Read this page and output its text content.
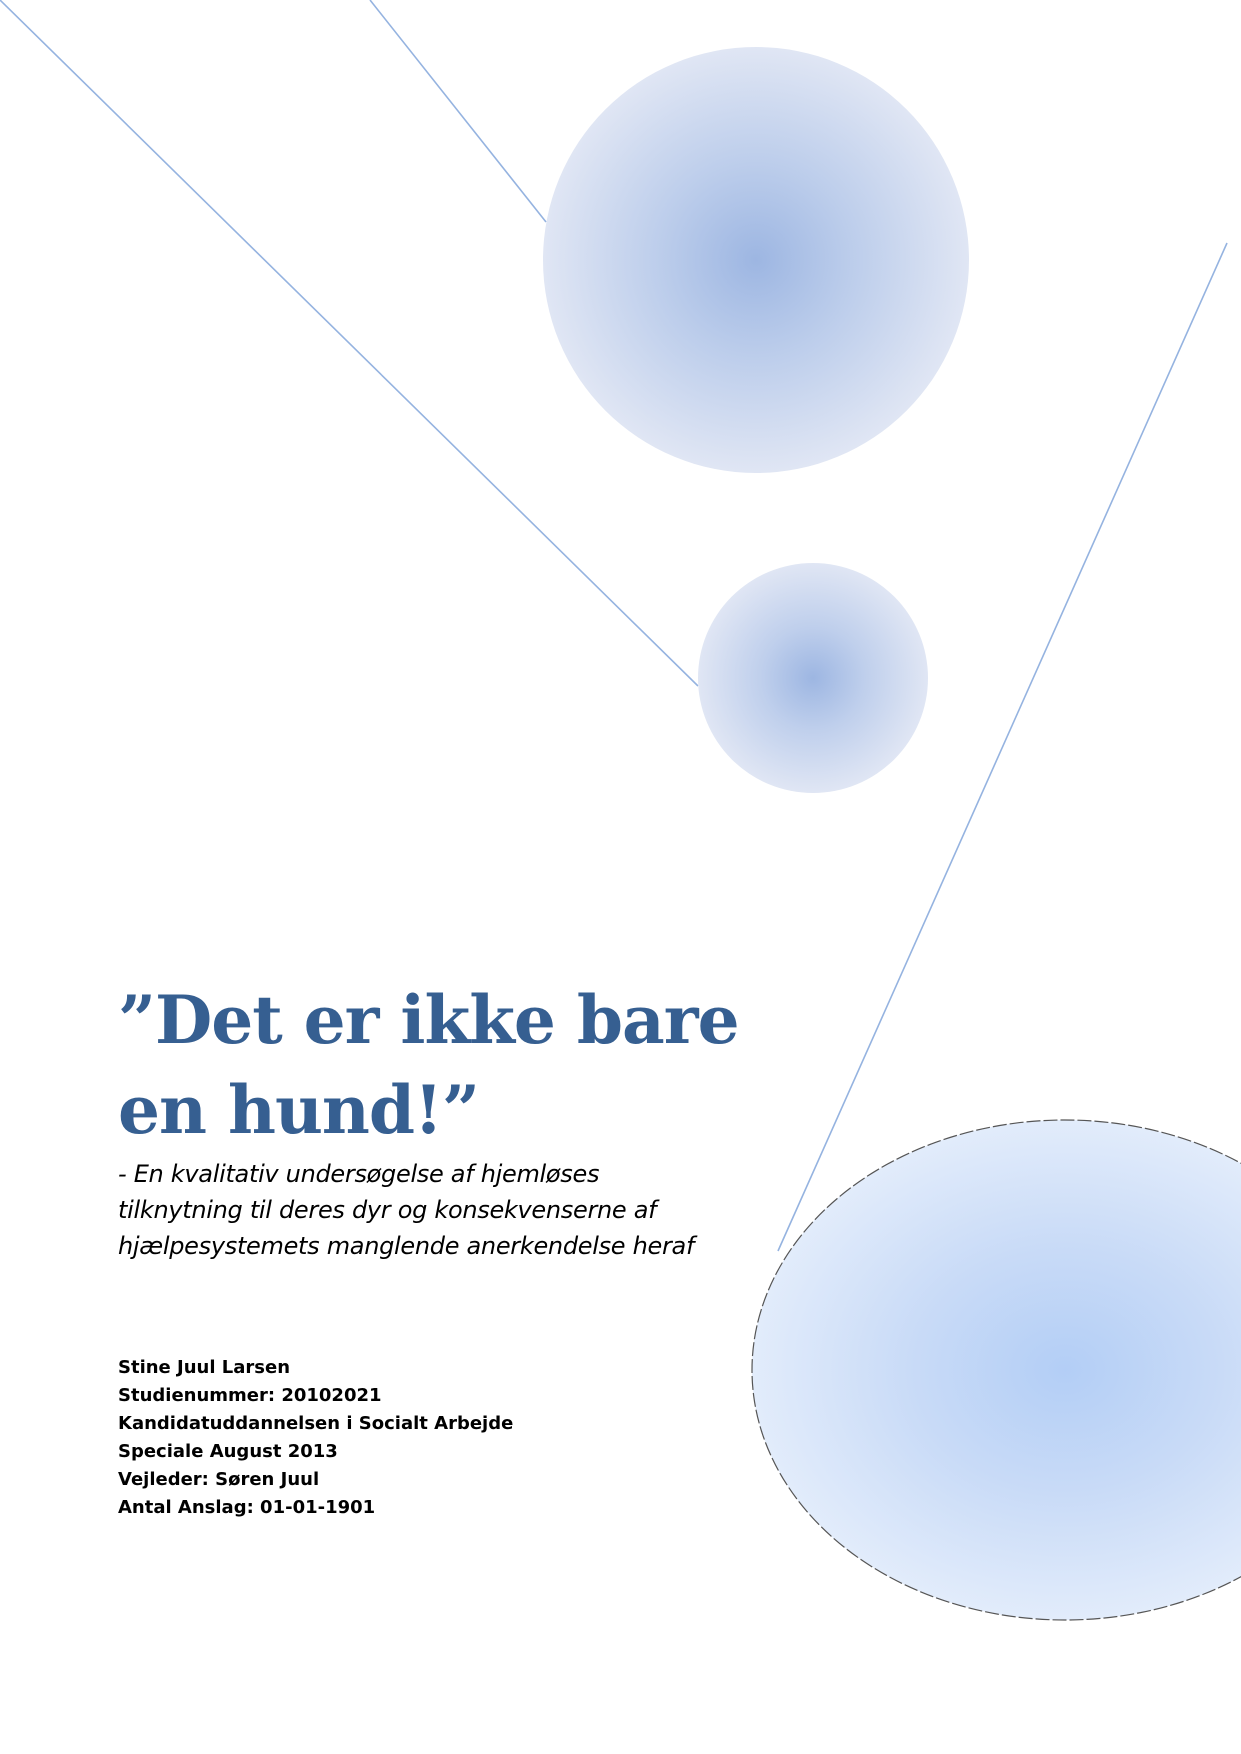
”Det er ikke bare
en hund!”

- En kvalitativ undersøgelse af hjemløses
tilknytning til deres dyr og konsekvenserne af
hjælpesystemets manglende anerkendelse heraf

Stine Juul Larsen
Studienummer: 20102021
Kandidatuddannelsen i Socialt Arbejde
Speciale August 2013
Vejleder: Søren Juul
Antal Anslag: 01-01-1901
